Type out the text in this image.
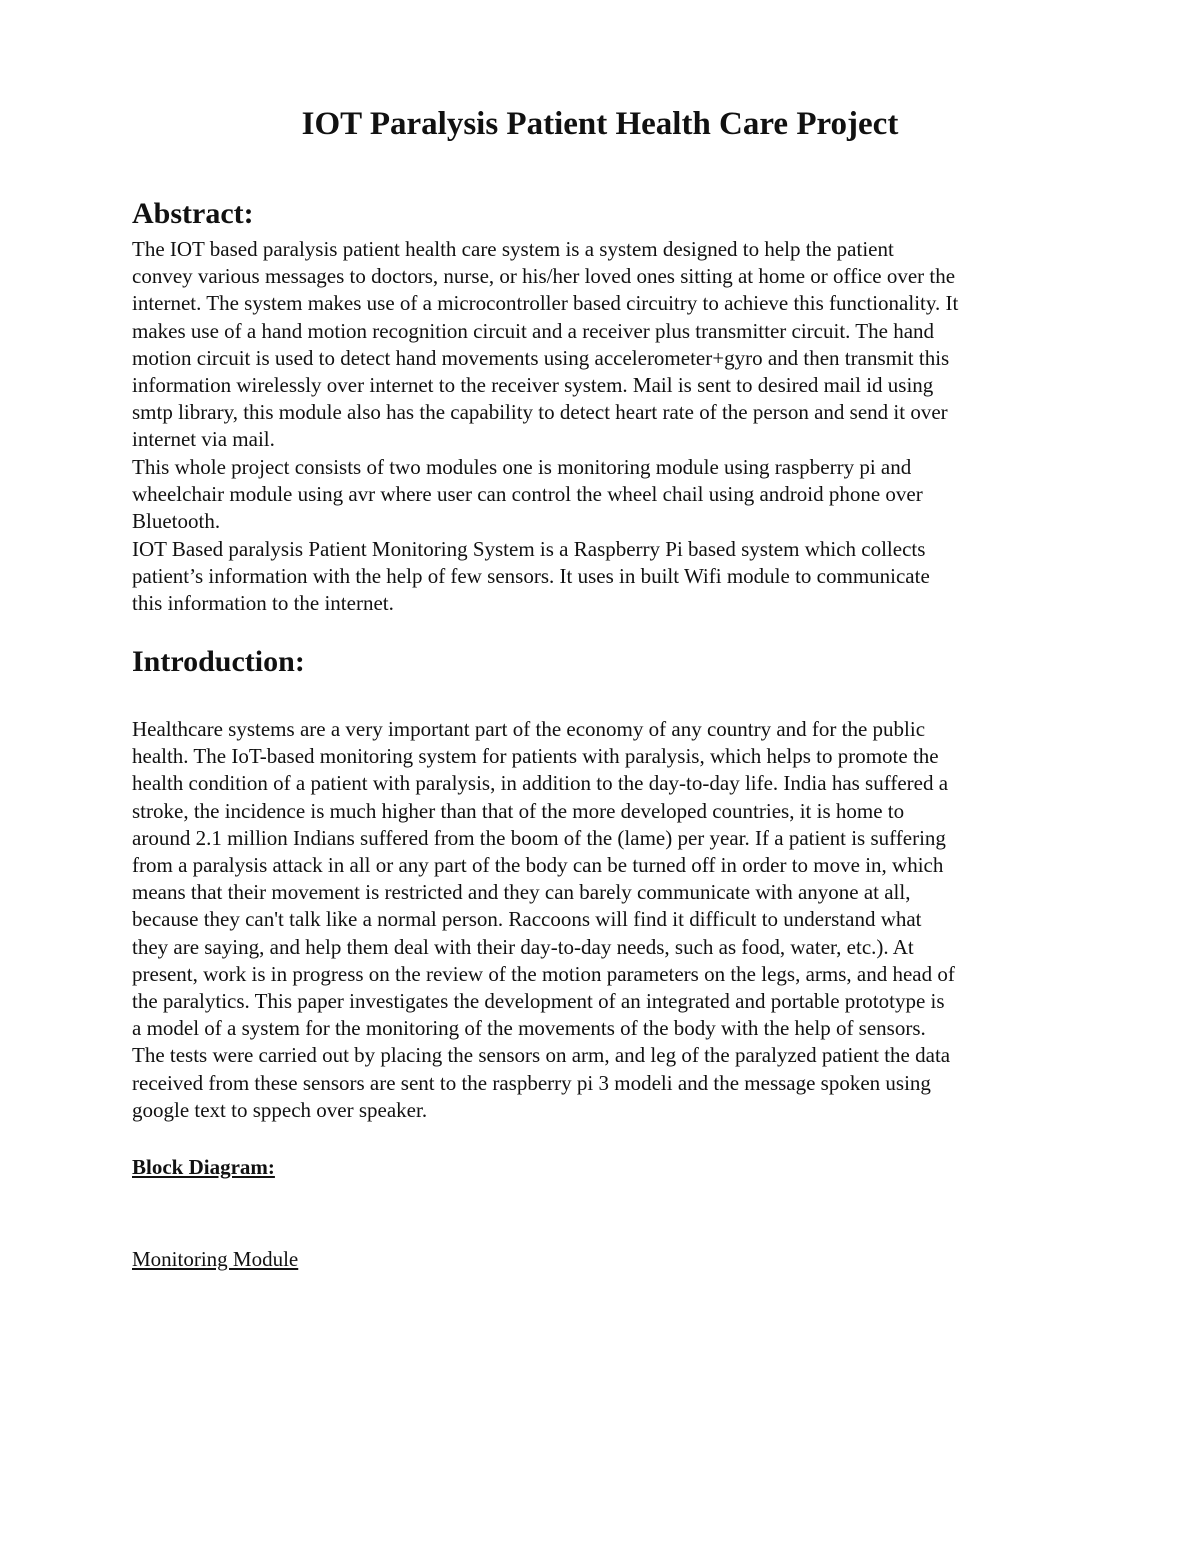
IOT Paralysis Patient Health Care Project
Abstract:

The IOT based paralysis patient health care system is a system designed to help the patient
convey various messages to doctors, nurse, or his/her loved ones sitting at home or office over the
internet. The system makes use of a microcontroller based circuitry to achieve this functionality. It
makes use of a hand motion recognition circuit and a receiver plus transmitter circuit. The hand
motion circuit is used to detect hand movements using accelerometer+gyro and then transmit this
information wirelessly over internet to the receiver system. Mail is sent to desired mail id using
smtp library, this module also has the capability to detect heart rate of the person and send it over
internet via mail.

This whole project consists of two modules one is monitoring module using raspberry pi and
wheelchair module using avr where user can control the wheel chail using android phone over
Bluetooth.

IOT Based paralysis Patient Monitoring System is a Raspberry Pi based system which collects
patient’s information with the help of few sensors. It uses in built Wifi module to communicate
this information to the internet.

Introduction:

Healthcare systems are a very important part of the economy of any country and for the public
health. The IoT-based monitoring system for patients with paralysis, which helps to promote the
health condition of a patient with paralysis, in addition to the day-to-day life. India has suffered a
stroke, the incidence is much higher than that of the more developed countries, it is home to
around 2.1 million Indians suffered from the boom of the (lame) per year. If a patient is suffering
from a paralysis attack in all or any part of the body can be turned off in order to move in, which
means that their movement is restricted and they can barely communicate with anyone at all,
because they can't talk like a normal person. Raccoons will find it difficult to understand what
they are saying, and help them deal with their day-to-day needs, such as food, water, etc.). At
present, work is in progress on the review of the motion parameters on the legs, arms, and head of
the paralytics. This paper investigates the development of an integrated and portable prototype is
a model of a system for the monitoring of the movements of the body with the help of sensors.
The tests were carried out by placing the sensors on arm, and leg of the paralyzed patient the data
received from these sensors are sent to the raspberry pi 3 modeli and the message spoken using
google text to sppech over speaker.

Block Diagram:

Monitoring Module
